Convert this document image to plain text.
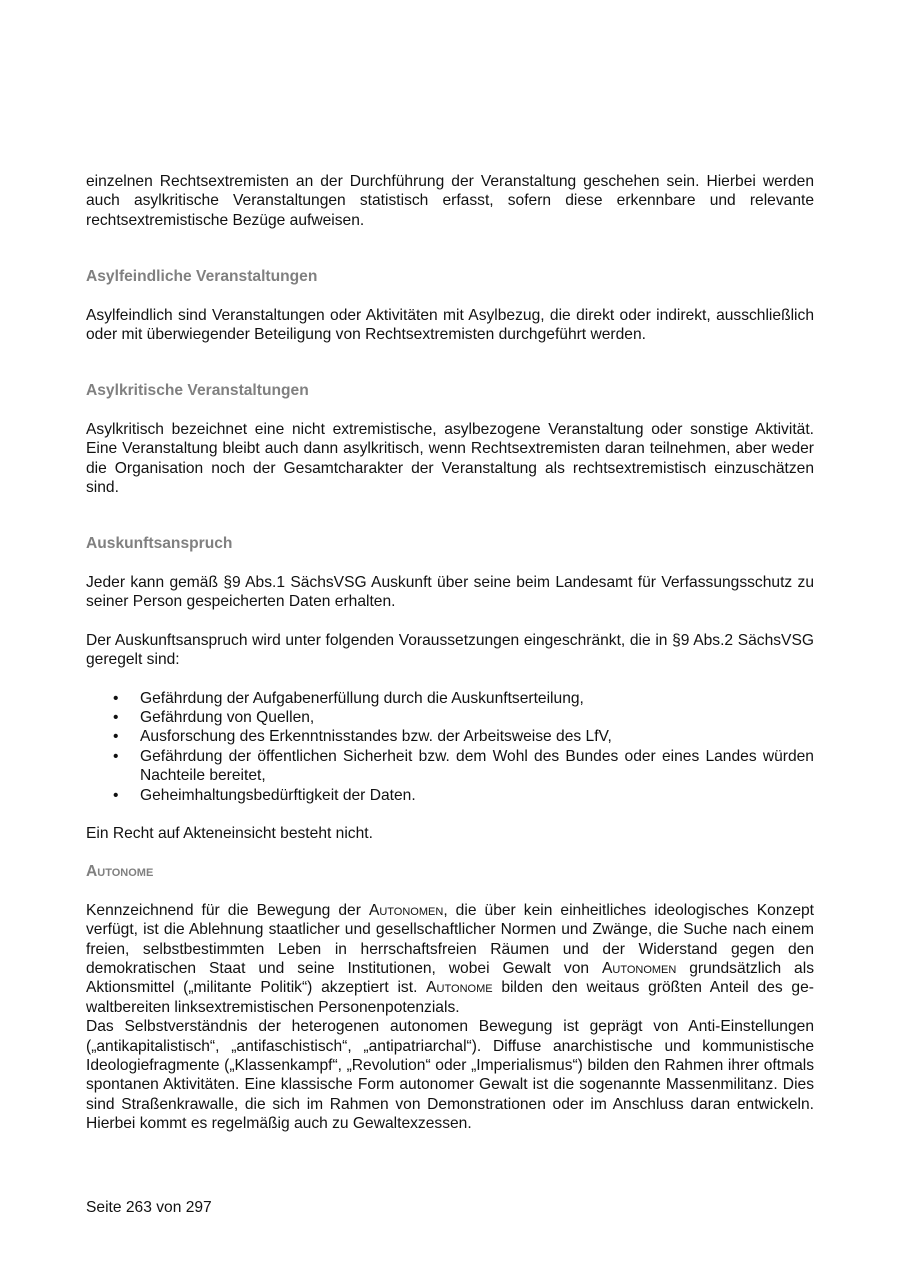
einzelnen Rechtsextremisten an der Durchführung der Veranstaltung geschehen sein. Hierbei werden auch asylkritische Veranstaltungen statistisch erfasst, sofern diese erkennbare und relevante rechtsextremistische Bezüge aufweisen.

Asylfeindliche Veranstaltungen

Asylfeindlich sind Veranstaltungen oder Aktivitäten mit Asylbezug, die direkt oder indirekt, ausschließlich oder mit überwiegender Beteiligung von Rechtsextremisten durchgeführt werden.

Asylkritische Veranstaltungen

Asylkritisch bezeichnet eine nicht extremistische, asylbezogene Veranstaltung oder sonstige Aktivität. Eine Veranstaltung bleibt auch dann asylkritisch, wenn Rechtsextremisten daran teilnehmen, aber weder die Organisation noch der Gesamtcharakter der Veranstaltung als rechtsextremistisch einzuschätzen sind.

Auskunftsanspruch

Jeder kann gemäß §9 Abs.1 SächsVSG Auskunft über seine beim Landesamt für Verfassungsschutz zu seiner Person gespeicherten Daten erhalten.

Der Auskunftsanspruch wird unter folgenden Voraussetzungen eingeschränkt, die in §9 Abs.2 SächsVSG geregelt sind:

• Gefährdung der Aufgabenerfüllung durch die Auskunftserteilung,
• Gefährdung von Quellen,
• Ausforschung des Erkenntnisstandes bzw. der Arbeitsweise des LfV,
• Gefährdung der öffentlichen Sicherheit bzw. dem Wohl des Bundes oder eines Landes würden Nachteile bereitet,
• Geheimhaltungsbedürftigkeit der Daten.

Ein Recht auf Akteneinsicht besteht nicht.

Autonome

Kennzeichnend für die Bewegung der Autonomen, die über kein einheitliches ideologisches Konzept verfügt, ist die Ablehnung staatlicher und gesellschaftlicher Normen und Zwänge, die Suche nach einem freien, selbstbestimmten Leben in herrschaftsfreien Räumen und der Widerstand gegen den demokratischen Staat und seine Institutionen, wobei Gewalt von Autonomen grundsätzlich als Aktionsmittel („militante Politik“) akzeptiert ist. Autonome bilden den weitaus größten Anteil des gewaltbereiten linksextremistischen Personenpotenzials.

Das Selbstverständnis der heterogenen autonomen Bewegung ist geprägt von Anti-Einstellungen („antikapitalistisch“, „antifaschistisch“, „antipatriarchal“). Diffuse anarchistische und kommunistische Ideologiefragmente („Klassenkampf“, „Revolution“ oder „Imperialismus“) bilden den Rahmen ihrer oftmals spontanen Aktivitäten. Eine klassische Form autonomer Gewalt ist die sogenannte Massenmilitanz. Dies sind Straßenkrawalle, die sich im Rahmen von Demonstrationen oder im Anschluss daran entwickeln. Hierbei kommt es regelmäßig auch zu Gewaltexzessen.

Seite 263 von 297
